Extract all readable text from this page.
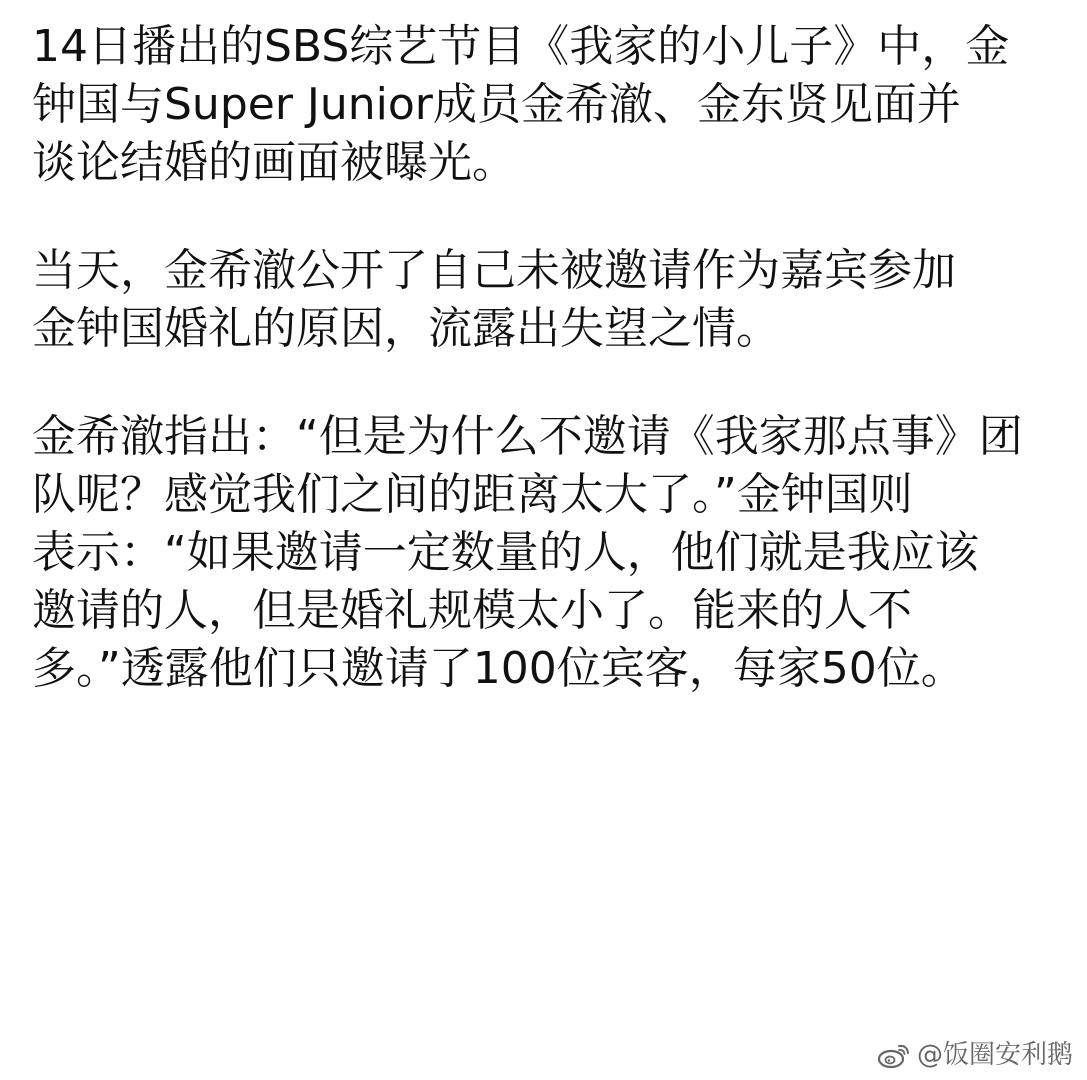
14日播出的SBS综艺节目《我家的小儿子》中，金
钟国与Super Junior成员金希澈、金东贤见面并
谈论结婚的画面被曝光。
当天，金希澈公开了自己未被邀请作为嘉宾参加
金钟国婚礼的原因，流露出失望之情。
金希澈指出：“但是为什么不邀请《我家那点事》团
队呢？感觉我们之间的距离太大了。”金钟国则
表示：“如果邀请一定数量的人，他们就是我应该
邀请的人，但是婚礼规模太小了。能来的人不
多。”透露他们只邀请了100位宾客，每家50位。
@饭圈安利鹅
